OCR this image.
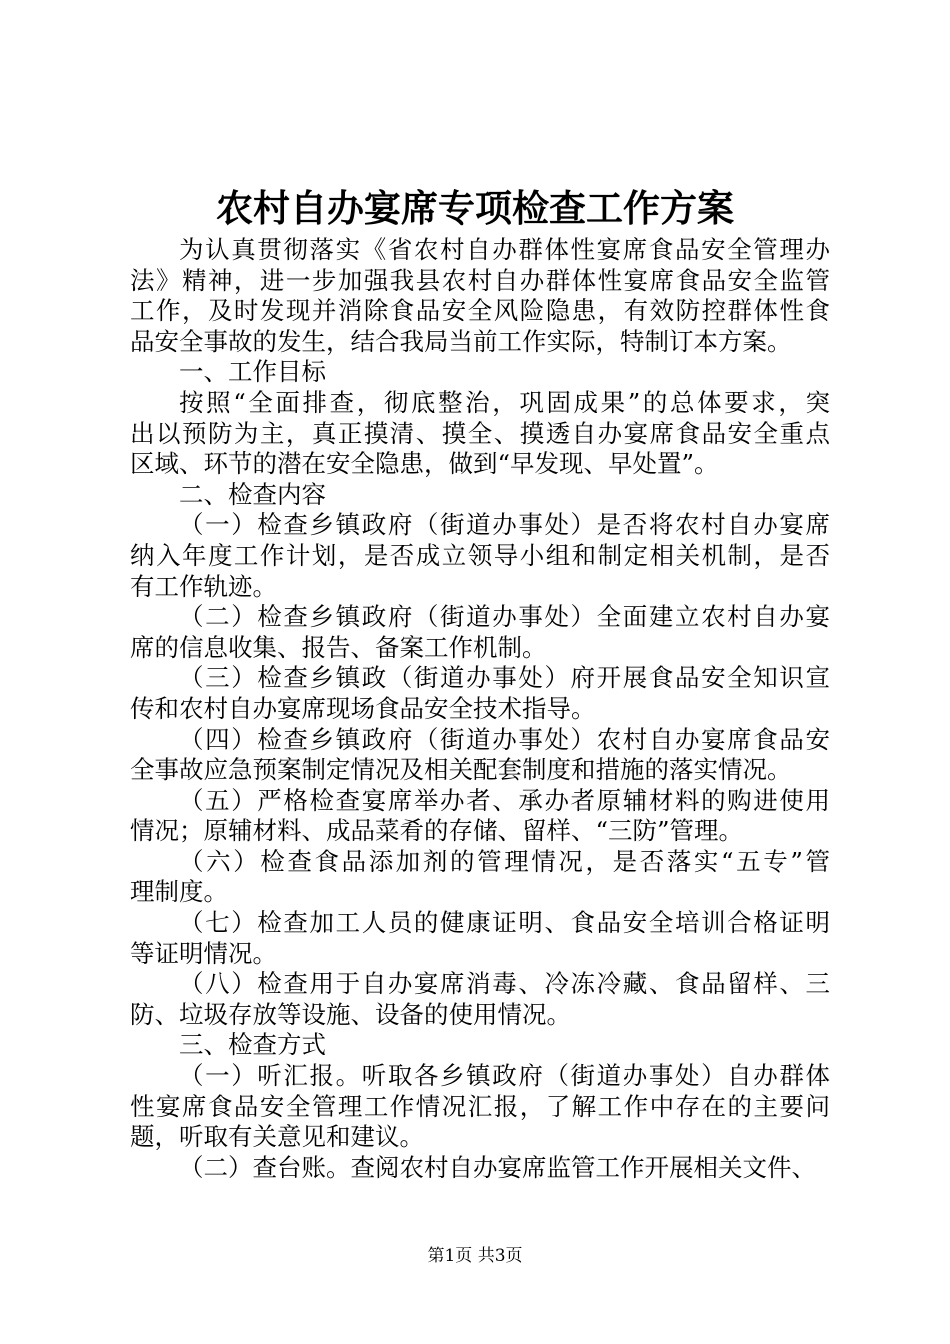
农村自办宴席专项检查工作方案
为认真贯彻落实《省农村自办群体性宴席食品安全管理办
法》精神，进一步加强我县农村自办群体性宴席食品安全监管
工作，及时发现并消除食品安全风险隐患，有效防控群体性食
品安全事故的发生，结合我局当前工作实际，特制订本方案。
一、工作目标
按照“全面排查，彻底整治，巩固成果”的总体要求，突
出以预防为主，真正摸清、摸全、摸透自办宴席食品安全重点
区域、环节的潜在安全隐患，做到“早发现、早处置”。
二、检查内容
（一）检查乡镇政府（街道办事处）是否将农村自办宴席
纳入年度工作计划，是否成立领导小组和制定相关机制，是否
有工作轨迹。
（二）检查乡镇政府（街道办事处）全面建立农村自办宴
席的信息收集、报告、备案工作机制。
（三）检查乡镇政（街道办事处）府开展食品安全知识宣
传和农村自办宴席现场食品安全技术指导。
（四）检查乡镇政府（街道办事处）农村自办宴席食品安
全事故应急预案制定情况及相关配套制度和措施的落实情况。
（五）严格检查宴席举办者、承办者原辅材料的购进使用
情况；原辅材料、成品菜肴的存储、留样、“三防”管理。
（六）检查食品添加剂的管理情况，是否落实“五专”管
理制度。
（七）检查加工人员的健康证明、食品安全培训合格证明
等证明情况。
（八）检查用于自办宴席消毒、冷冻冷藏、食品留样、三
防、垃圾存放等设施、设备的使用情况。
三、检查方式
（一）听汇报。听取各乡镇政府（街道办事处）自办群体
性宴席食品安全管理工作情况汇报，了解工作中存在的主要问
题，听取有关意见和建议。
（二）查台账。查阅农村自办宴席监管工作开展相关文件、
第1页 共3页
